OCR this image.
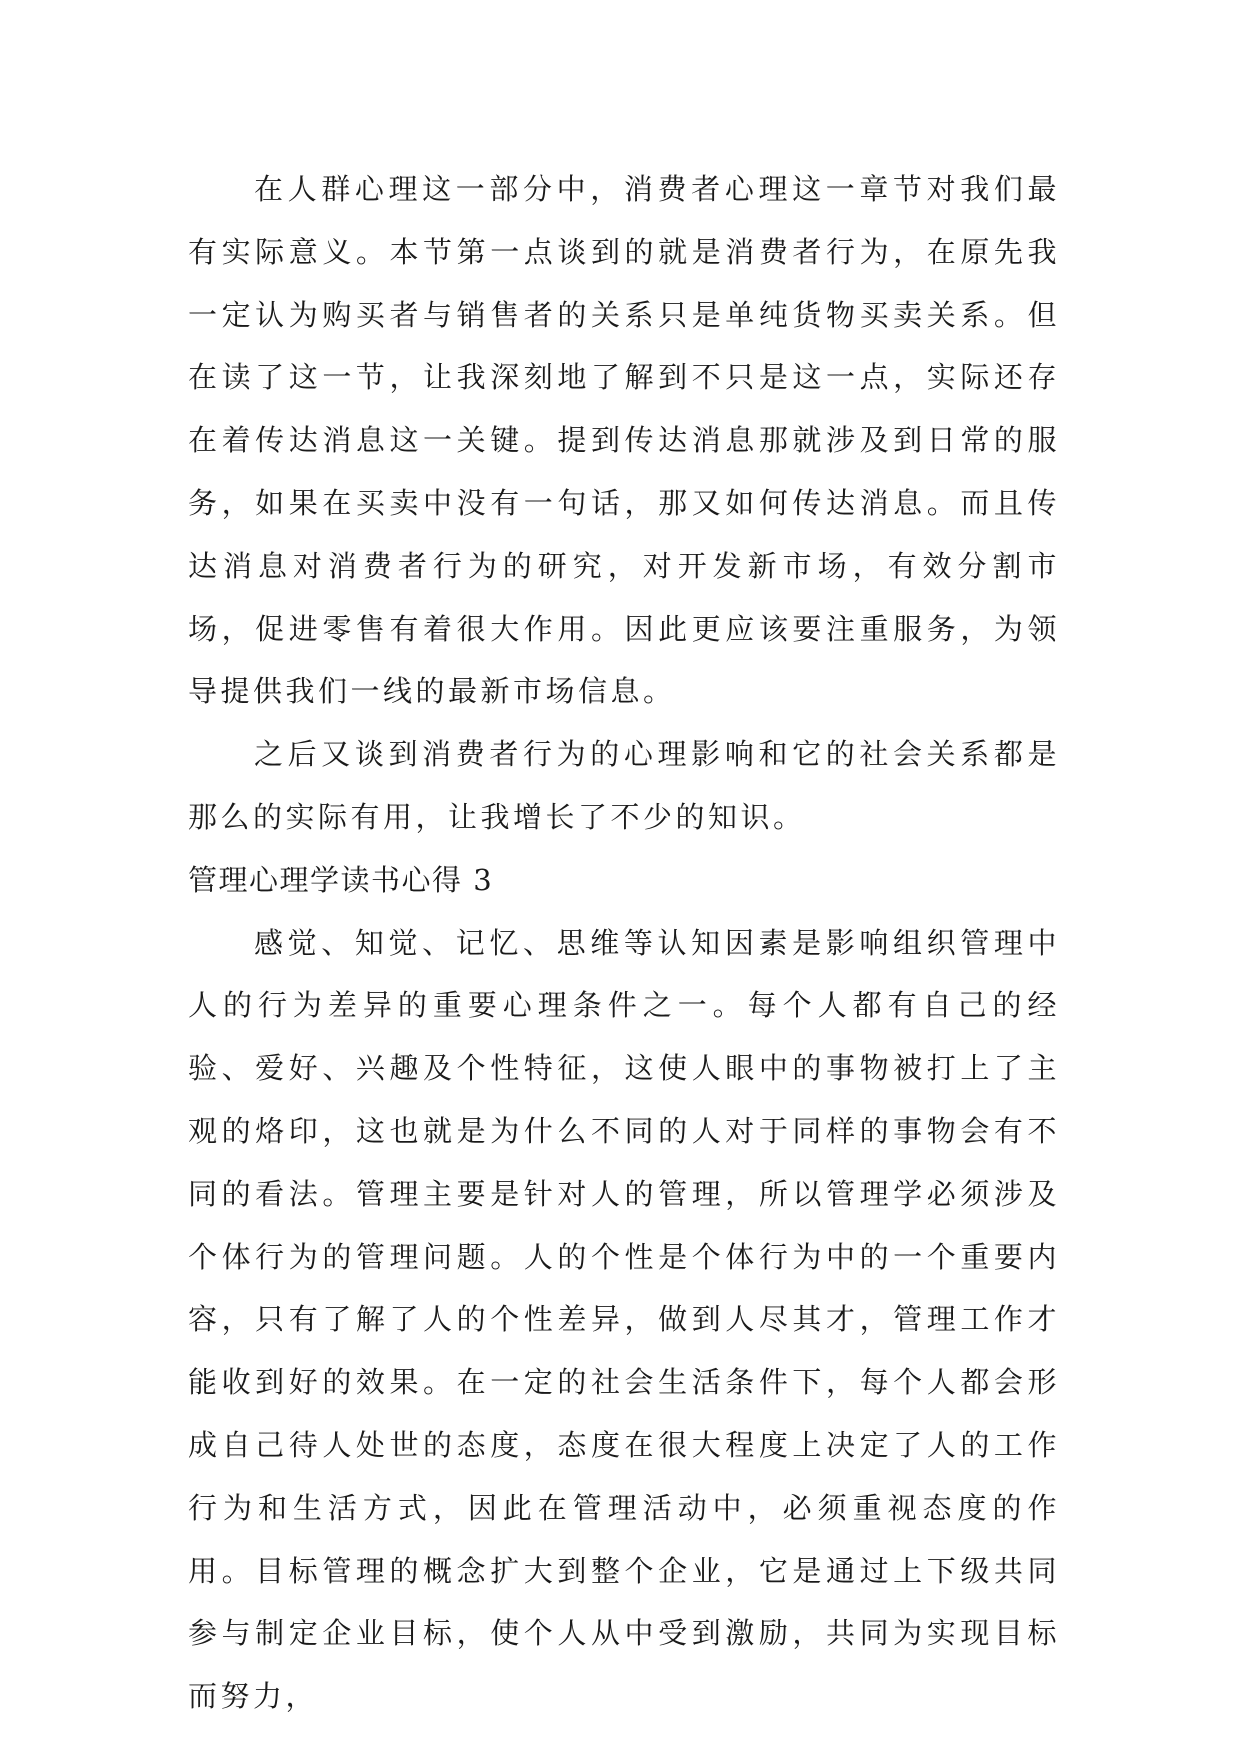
在人群心理这一部分中，消费者心理这一章节对我们最有实际意义。本节第一点谈到的就是消费者行为，在原先我一定认为购买者与销售者的关系只是单纯货物买卖关系。但在读了这一节，让我深刻地了解到不只是这一点，实际还存在着传达消息这一关键。提到传达消息那就涉及到日常的服务，如果在买卖中没有一句话，那又如何传达消息。而且传达消息对消费者行为的研究，对开发新市场，有效分割市场，促进零售有着很大作用。因此更应该要注重服务，为领导提供我们一线的最新市场信息。

之后又谈到消费者行为的心理影响和它的社会关系都是那么的实际有用，让我增长了不少的知识。

管理心理学读书心得 3

感觉、知觉、记忆、思维等认知因素是影响组织管理中人的行为差异的重要心理条件之一。每个人都有自己的经验、爱好、兴趣及个性特征，这使人眼中的事物被打上了主观的烙印，这也就是为什么不同的人对于同样的事物会有不同的看法。管理主要是针对人的管理，所以管理学必须涉及个体行为的管理问题。人的个性是个体行为中的一个重要内容，只有了解了人的个性差异，做到人尽其才，管理工作才能收到好的效果。在一定的社会生活条件下，每个人都会形成自己待人处世的态度，态度在很大程度上决定了人的工作行为和生活方式，因此在管理活动中，必须重视态度的作用。目标管理的概念扩大到整个企业，它是通过上下级共同参与制定企业目标，使个人从中受到激励，共同为实现目标而努力，
